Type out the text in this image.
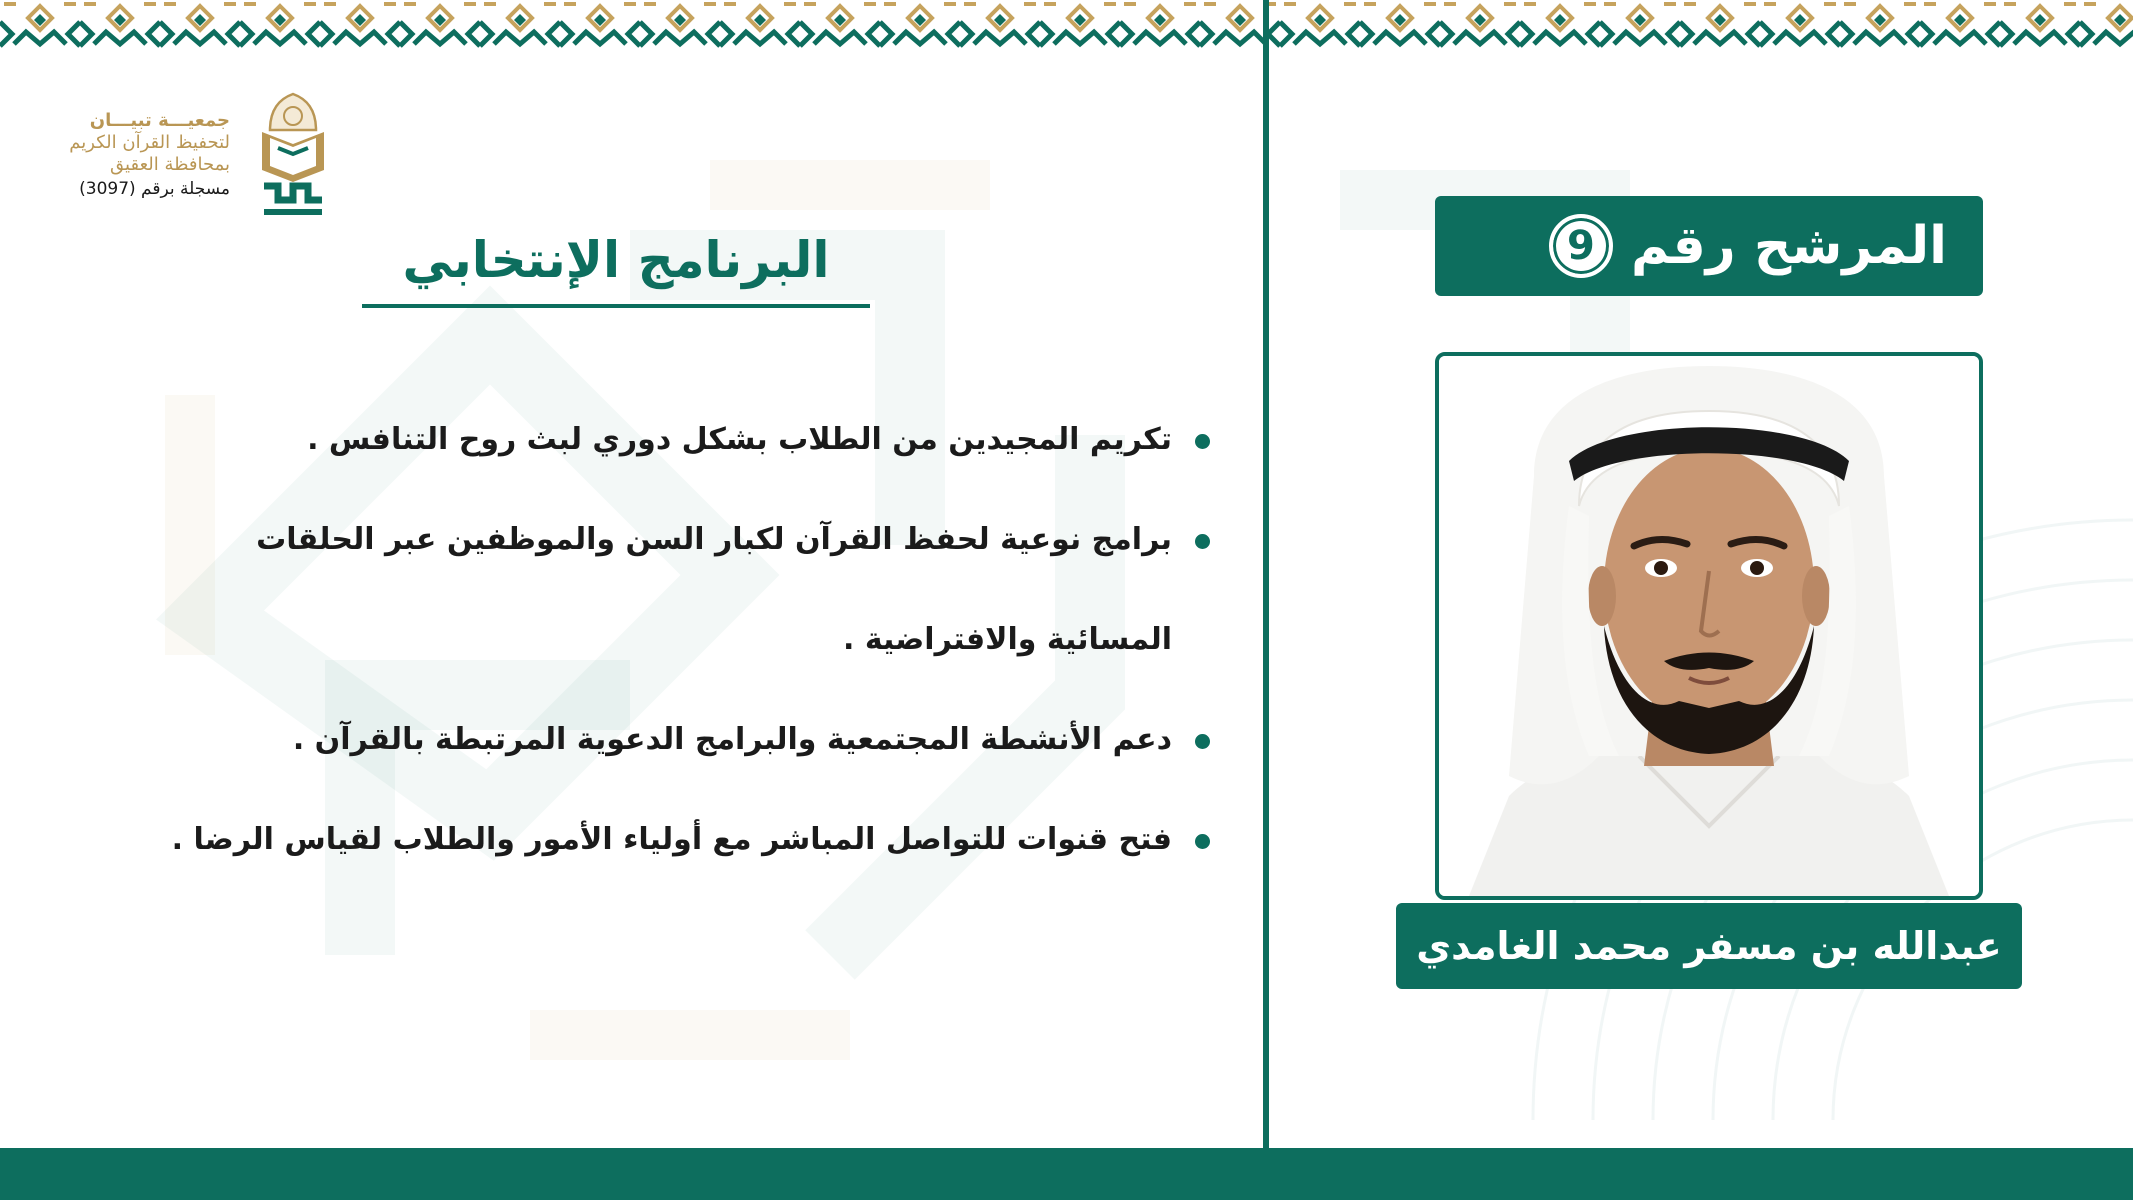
جمعيـــة تبيـــان
لتحفيظ القرآن الكريم
بمحافظة العقيق
مسجلة برقم (3097)
البرنامج الإنتخابي
تكريم المجيدين من الطلاب بشكل دوري لبث روح التنافس .
برامج نوعية لحفظ القرآن لكبار السن والموظفين عبر الحلقات المسائية والافتراضية .
دعم الأنشطة المجتمعية والبرامج الدعوية المرتبطة بالقرآن .
فتح قنوات للتواصل المباشر مع أولياء الأمور والطلاب لقياس الرضا .
المرشح رقم
9
عبدالله بن مسفر محمد الغامدي
